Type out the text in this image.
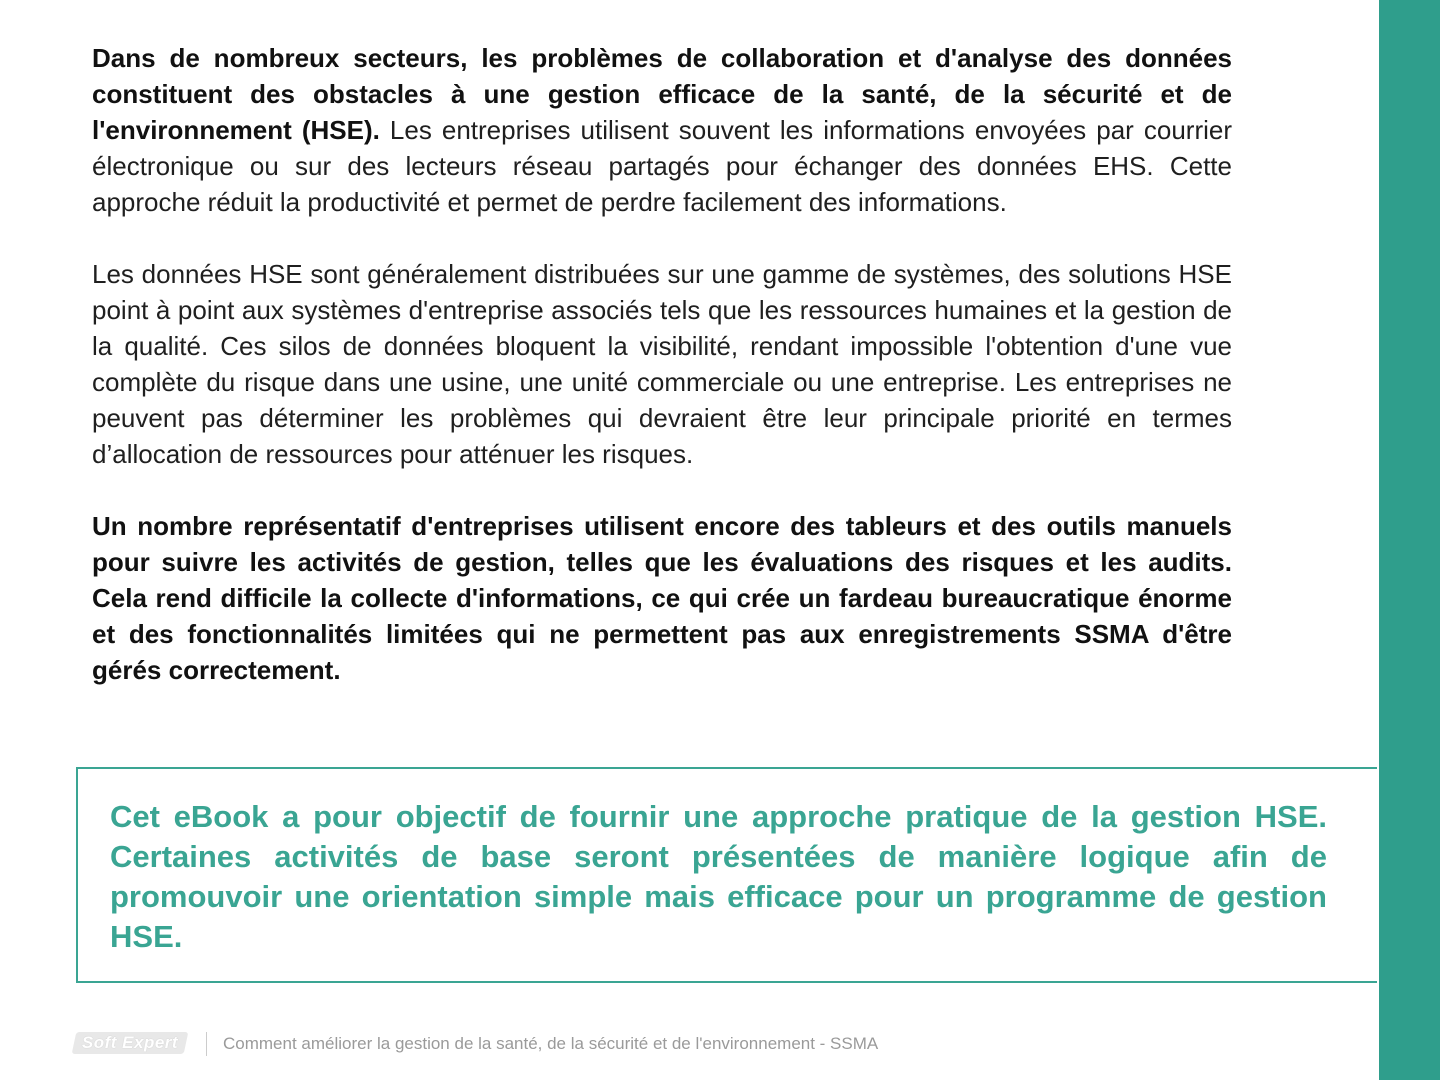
Dans de nombreux secteurs, les problèmes de collaboration et d'analyse des données constituent des obstacles à une gestion efficace de la santé, de la sécurité et de l'environnement (HSE). Les entreprises utilisent souvent les informations envoyées par courrier électronique ou sur des lecteurs réseau partagés pour échanger des données EHS. Cette approche réduit la productivité et permet de perdre facilement des informations.

Les données HSE sont généralement distribuées sur une gamme de systèmes, des solutions HSE point à point aux systèmes d'entreprise associés tels que les ressources humaines et la gestion de la qualité. Ces silos de données bloquent la visibilité, rendant impossible l'obtention d'une vue complète du risque dans une usine, une unité commerciale ou une entreprise. Les entreprises ne peuvent pas déterminer les problèmes qui devraient être leur principale priorité en termes d’allocation de ressources pour atténuer les risques.

Un nombre représentatif d'entreprises utilisent encore des tableurs et des outils manuels pour suivre les activités de gestion, telles que les évaluations des risques et les audits. Cela rend difficile la collecte d'informations, ce qui crée un fardeau bureaucratique énorme et des fonctionnalités limitées qui ne permettent pas aux enregistrements SSMA d'être gérés correctement.

Cet eBook a pour objectif de fournir une approche pratique de la gestion HSE. Certaines activités de base seront présentées de manière logique afin de promouvoir une orientation simple mais efficace pour un programme de gestion HSE.

Soft Expert	Comment améliorer la gestion de la santé, de la sécurité et de l'environnement - SSMA
